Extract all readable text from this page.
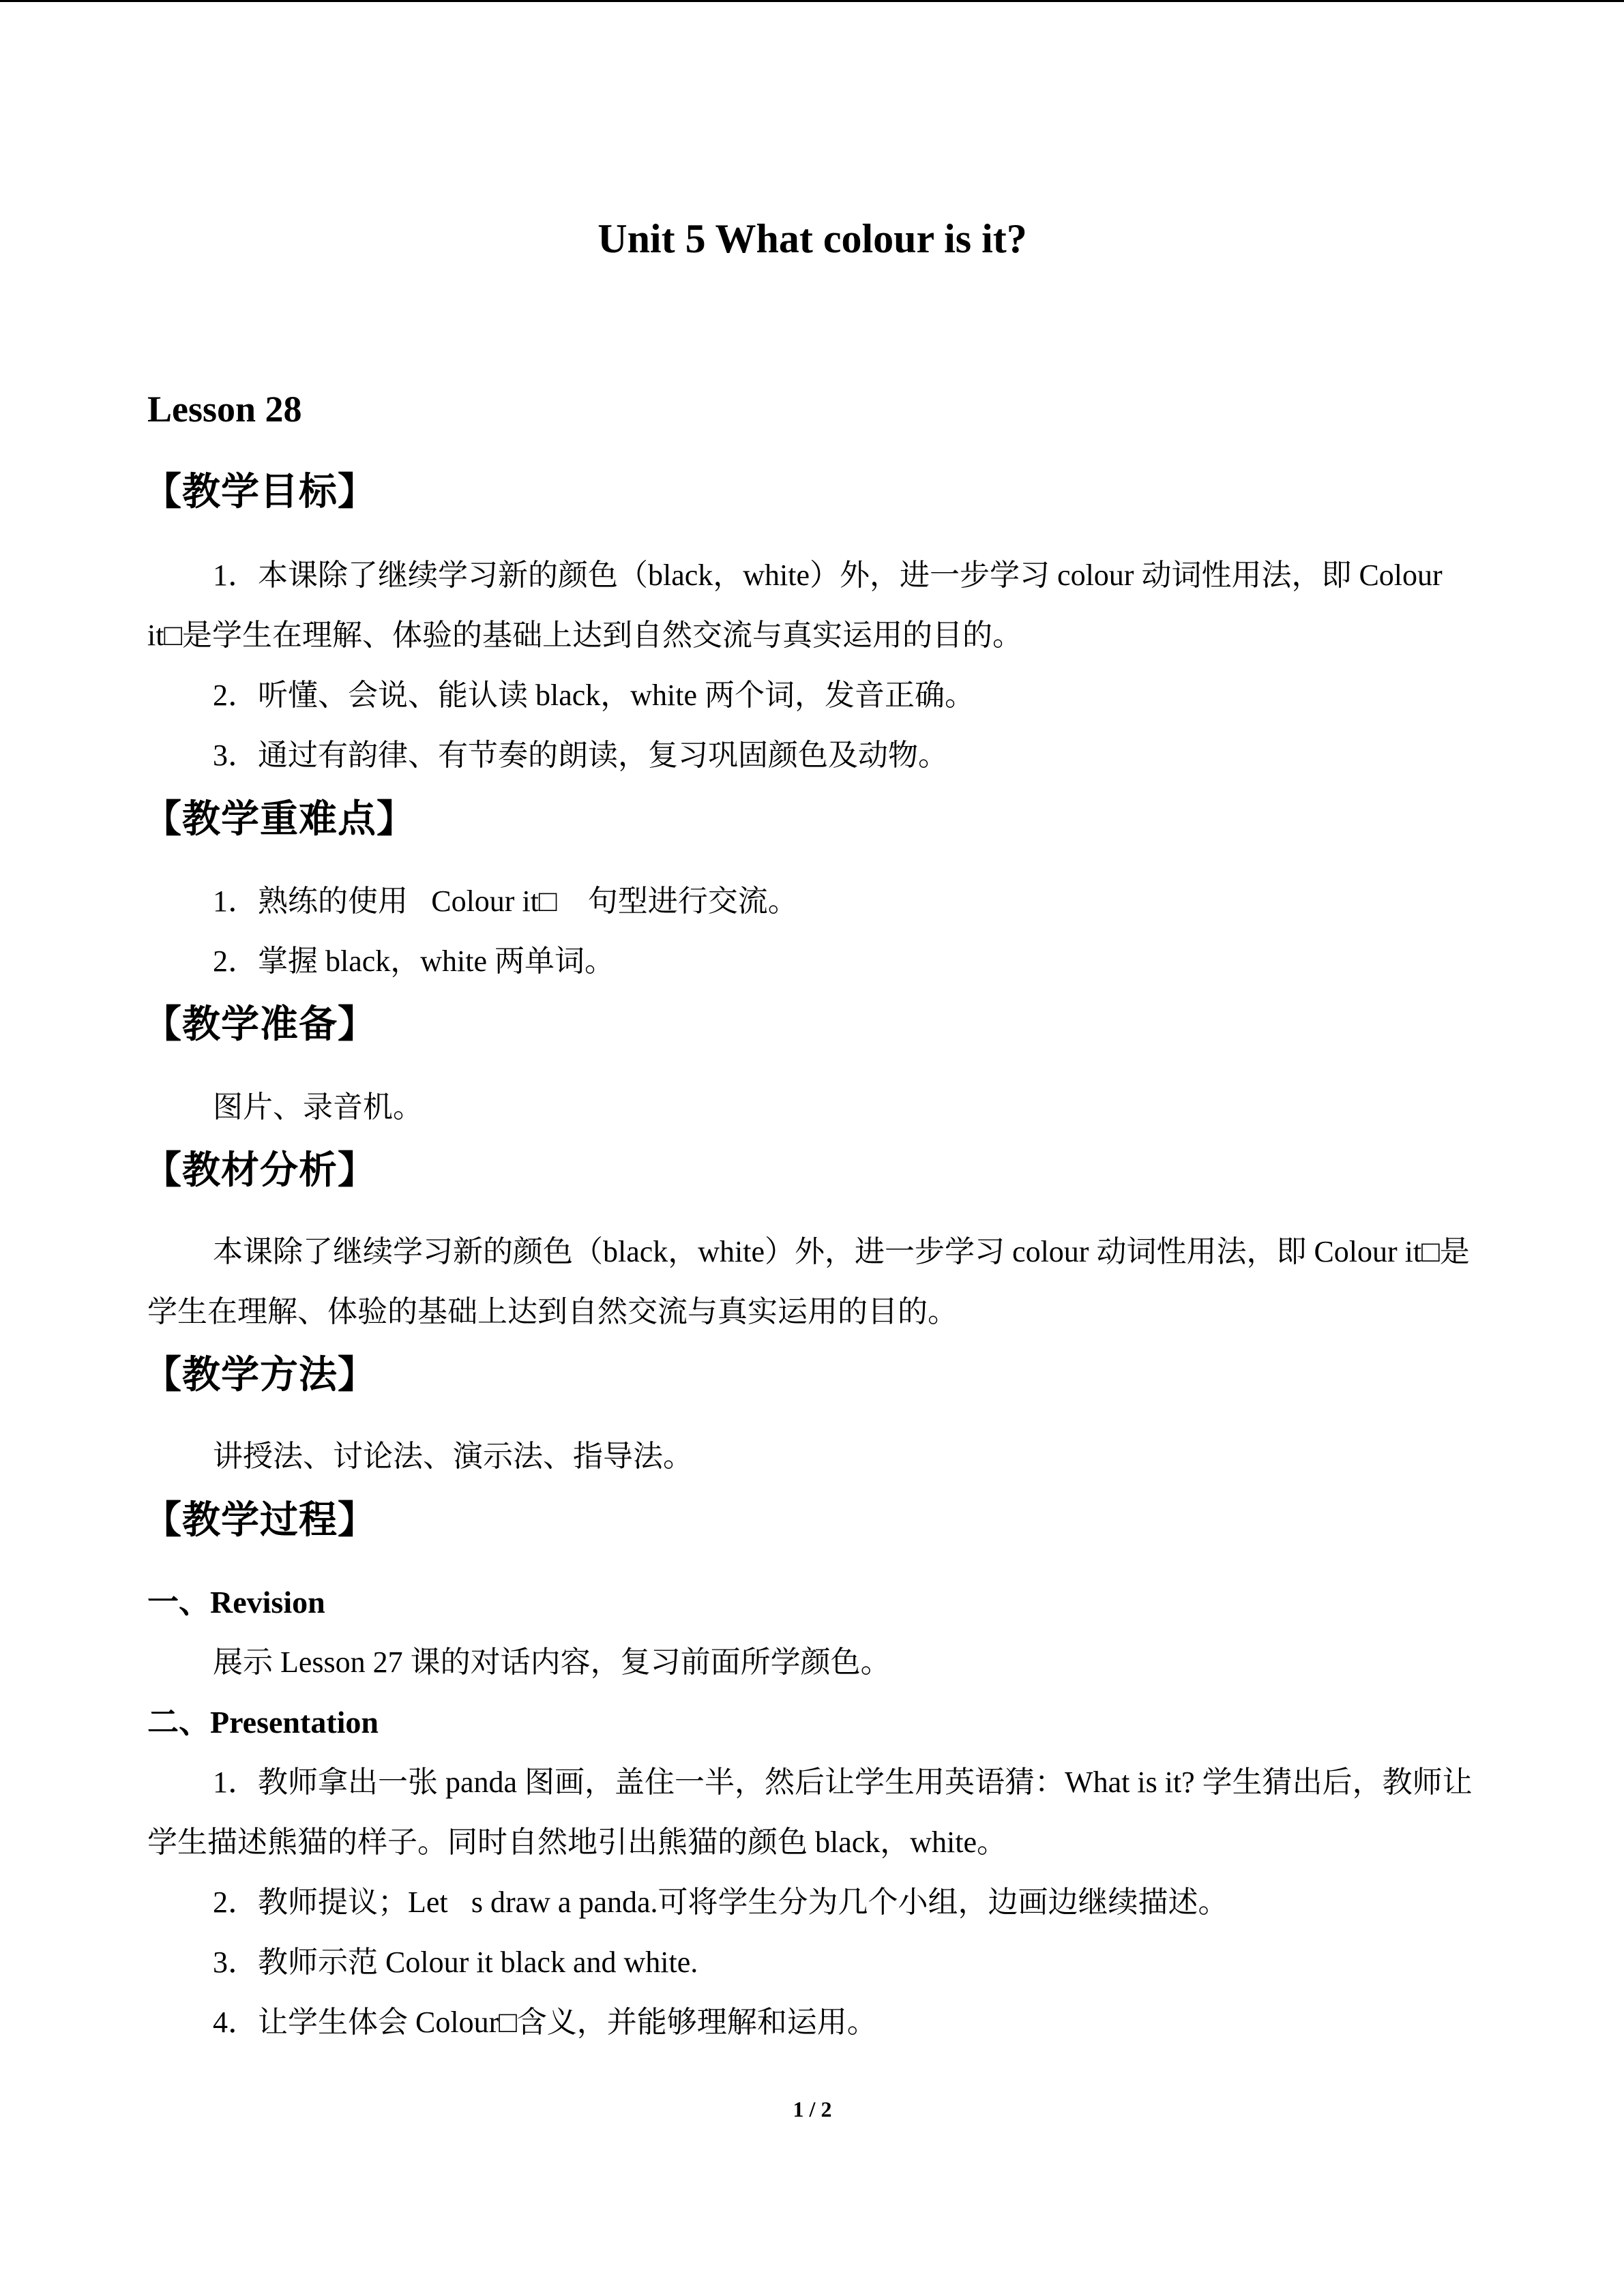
Unit 5 What colour is it?
Lesson 28
【教学目标】
1．本课除了继续学习新的颜色（black，white）外，进一步学习 colour 动词性用法，即 Colour it□是学生在理解、体验的基础上达到自然交流与真实运用的目的。
2．听懂、会说、能认读 black，white 两个词，发音正确。
3．通过有韵律、有节奏的朗读，复习巩固颜色及动物。
【教学重难点】
1．熟练的使用 Colour it□  句型进行交流。
2．掌握 black，white 两单词。
【教学准备】
图片、录音机。
【教材分析】
本课除了继续学习新的颜色（black，white）外，进一步学习 colour 动词性用法，即 Colour it□是学生在理解、体验的基础上达到自然交流与真实运用的目的。
【教学方法】
讲授法、讨论法、演示法、指导法。
【教学过程】
一、Revision
展示 Lesson 27 课的对话内容，复习前面所学颜色。
二、Presentation
1．教师拿出一张 panda 图画，盖住一半，然后让学生用英语猜：What is it? 学生猜出后，教师让学生描述熊猫的样子。同时自然地引出熊猫的颜色 black，white。
2．教师提议；Let s draw a panda.可将学生分为几个小组，边画边继续描述。
3．教师示范 Colour it black and white.
4．让学生体会 Colour□含义，并能够理解和运用。
1 / 2
